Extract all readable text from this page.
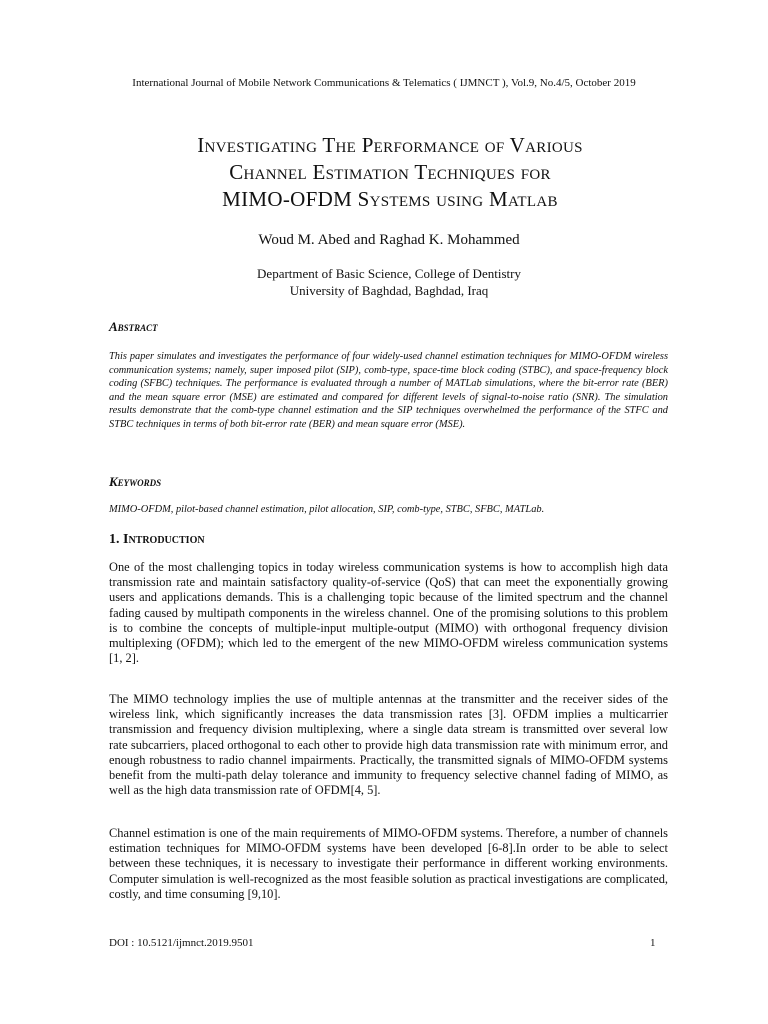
International Journal of Mobile Network Communications & Telematics ( IJMNCT ), Vol.9, No.4/5, October 2019
Investigating The Performance of Various
Channel Estimation Techniques for
MIMO-OFDM Systems using Matlab
Woud M. Abed and Raghad K. Mohammed
Department of Basic Science, College of Dentistry
University of Baghdad, Baghdad, Iraq
Abstract
This paper simulates and investigates the performance of four widely-used channel estimation techniques for MIMO-OFDM wireless communication systems; namely, super imposed pilot (SIP), comb-type, space-time block coding (STBC), and space-frequency block coding (SFBC) techniques. The performance is evaluated through a number of MATLab simulations, where the bit-error rate (BER) and the mean square error (MSE) are estimated and compared for different levels of signal-to-noise ratio (SNR). The simulation results demonstrate that the comb-type channel estimation and the SIP techniques overwhelmed the performance of the STFC and STBC techniques in terms of both bit-error rate (BER) and mean square error (MSE).
Keywords
MIMO-OFDM, pilot-based channel estimation, pilot allocation, SIP, comb-type, STBC, SFBC, MATLab.
1. Introduction
One of the most challenging topics in today wireless communication systems is how to accomplish high data transmission rate and maintain satisfactory quality-of-service (QoS) that can meet the exponentially growing users and applications demands. This is a challenging topic because of the limited spectrum and the channel fading caused by multipath components in the wireless channel. One of the promising solutions to this problem is to combine the concepts of multiple-input multiple-output (MIMO) with orthogonal frequency division multiplexing (OFDM); which led to the emergent of the new MIMO-OFDM wireless communication systems [1, 2].
The MIMO technology implies the use of multiple antennas at the transmitter and the receiver sides of the wireless link, which significantly increases the data transmission rates [3]. OFDM implies a multicarrier transmission and frequency division multiplexing, where a single data stream is transmitted over several low rate subcarriers, placed orthogonal to each other to provide high data transmission rate with minimum error, and enough robustness to radio channel impairments. Practically, the transmitted signals of MIMO-OFDM systems benefit from the multi-path delay tolerance and immunity to frequency selective channel fading of MIMO, as well as the high data transmission rate of OFDM[4, 5].
Channel estimation is one of the main requirements of MIMO-OFDM systems. Therefore, a number of channels estimation techniques for MIMO-OFDM systems have been developed [6-8].In order to be able to select between these techniques, it is necessary to investigate their performance in different working environments. Computer simulation is well-recognized as the most feasible solution as practical investigations are complicated, costly, and time consuming [9,10].
DOI : 10.5121/ijmnct.2019.9501	1
